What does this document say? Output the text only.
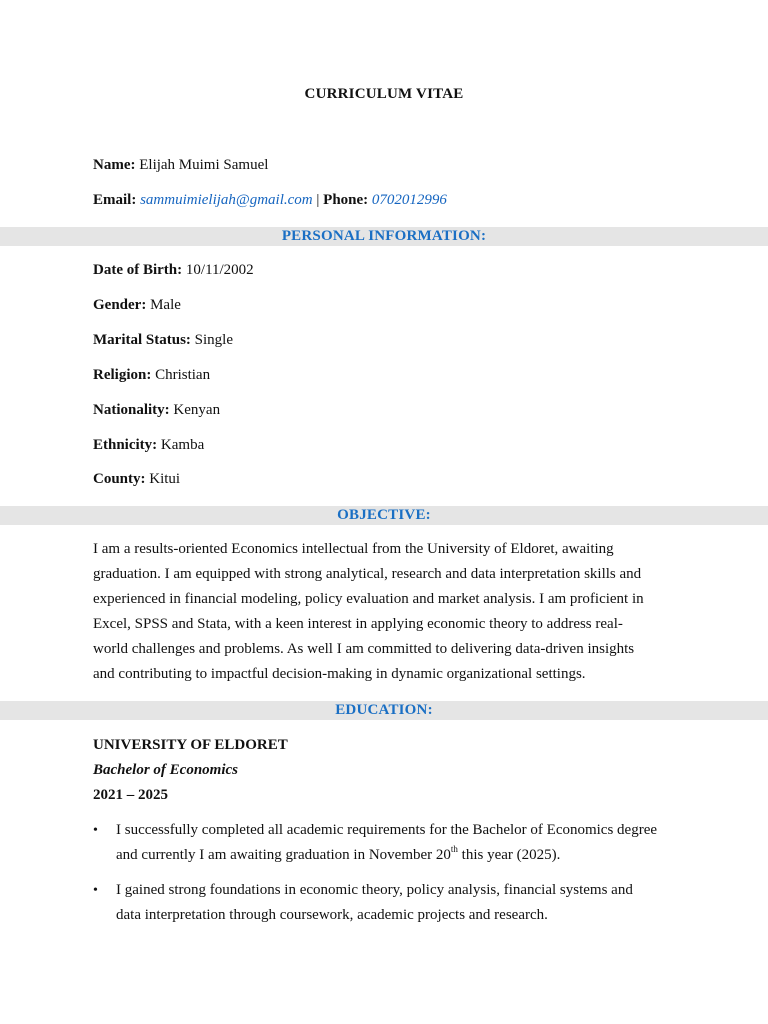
CURRICULUM VITAE
Name: Elijah Muimi Samuel
Email: sammuimielijah@gmail.com | Phone: 0702012996
PERSONAL INFORMATION:
Date of Birth: 10/11/2002
Gender: Male
Marital Status: Single
Religion: Christian
Nationality: Kenyan
Ethnicity: Kamba
County: Kitui
OBJECTIVE:
I am a results-oriented Economics intellectual from the University of Eldoret, awaiting
graduation. I am equipped with strong analytical, research and data interpretation skills and
experienced in financial modeling, policy evaluation and market analysis. I am proficient in
Excel, SPSS and Stata, with a keen interest in applying economic theory to address real-
world challenges and problems. As well I am committed to delivering data-driven insights
and contributing to impactful decision-making in dynamic organizational settings.
EDUCATION:
UNIVERSITY OF ELDORET
Bachelor of Economics
2021 – 2025
• I successfully completed all academic requirements for the Bachelor of Economics degree
and currently I am awaiting graduation in November 20th this year (2025).
• I gained strong foundations in economic theory, policy analysis, financial systems and
data interpretation through coursework, academic projects and research.
